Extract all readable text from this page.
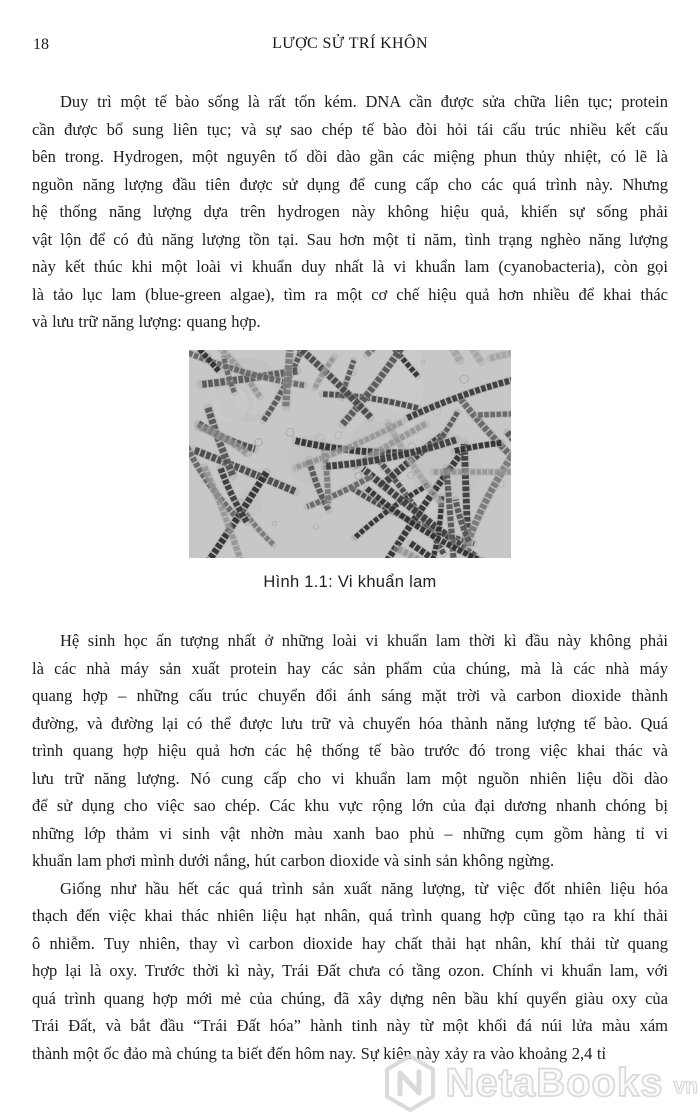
18	LƯỢC SỬ TRÍ KHÔN
Duy trì một tế bào sống là rất tốn kém. DNA cần được sửa chữa liên tục; protein
cần được bổ sung liên tục; và sự sao chép tế bào đòi hỏi tái cấu trúc nhiều kết cấu
bên trong. Hydrogen, một nguyên tố dồi dào gần các miệng phun thủy nhiệt, có lẽ là
nguồn năng lượng đầu tiên được sử dụng để cung cấp cho các quá trình này. Nhưng
hệ thống năng lượng dựa trên hydrogen này không hiệu quả, khiến sự sống phải
vật lộn để có đủ năng lượng tồn tại. Sau hơn một tỉ năm, tình trạng nghèo năng lượng
này kết thúc khi một loài vi khuẩn duy nhất là vi khuẩn lam (cyanobacteria), còn gọi
là tảo lục lam (blue-green algae), tìm ra một cơ chế hiệu quả hơn nhiều để khai thác
và lưu trữ năng lượng: quang hợp.
Hình 1.1: Vi khuẩn lam
Hệ sinh học ấn tượng nhất ở những loài vi khuẩn lam thời kì đầu này không phải
là các nhà máy sản xuất protein hay các sản phẩm của chúng, mà là các nhà máy
quang hợp – những cấu trúc chuyển đổi ánh sáng mặt trời và carbon dioxide thành
đường, và đường lại có thể được lưu trữ và chuyển hóa thành năng lượng tế bào. Quá
trình quang hợp hiệu quả hơn các hệ thống tế bào trước đó trong việc khai thác và
lưu trữ năng lượng. Nó cung cấp cho vi khuẩn lam một nguồn nhiên liệu dồi dào
để sử dụng cho việc sao chép. Các khu vực rộng lớn của đại dương nhanh chóng bị
những lớp thảm vi sinh vật nhờn màu xanh bao phủ – những cụm gồm hàng tỉ vi
khuẩn lam phơi mình dưới nắng, hút carbon dioxide và sinh sản không ngừng.
Giống như hầu hết các quá trình sản xuất năng lượng, từ việc đốt nhiên liệu hóa
thạch đến việc khai thác nhiên liệu hạt nhân, quá trình quang hợp cũng tạo ra khí thải
ô nhiễm. Tuy nhiên, thay vì carbon dioxide hay chất thải hạt nhân, khí thải từ quang
hợp lại là oxy. Trước thời kì này, Trái Đất chưa có tầng ozon. Chính vi khuẩn lam, với
quá trình quang hợp mới mẻ của chúng, đã xây dựng nên bầu khí quyển giàu oxy của
Trái Đất, và bắt đầu “Trái Đất hóa” hành tinh này từ một khối đá núi lửa màu xám
thành một ốc đảo mà chúng ta biết đến hôm nay. Sự kiện này xảy ra vào khoảng 2,4 tỉ
NetaBooks vn
